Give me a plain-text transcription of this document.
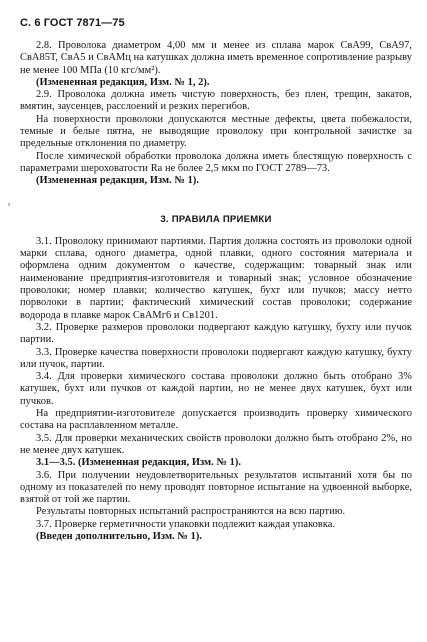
С. 6 ГОСТ 7871—75
‘

2.8. Проволока диаметром 4,00 мм и менее из сплава марок СвА99, СвА97, СвА85Т, СвА5 и СвАМц на катушках должна иметь временное сопротивление разрыву не менее 100 МПа (10 кгс/мм²).

(Измененная редакция, Изм. № 1, 2).

2.9. Проволока должна иметь чистую поверхность, без плен, трещин, закатов, вмятин, заусенцев, расслоений и резких перегибов.

На поверхности проволоки допускаются местные дефекты, цвета побежалости, темные и белые пятна, не выводящие проволоку при контрольной зачистке за предельные отклонения по диаметру.

После химической обработки проволока должна иметь блестящую поверхность с параметрами шероховатости Ra не более 2,5 мкм по ГОСТ 2789—73.

(Измененная редакция, Изм. № 1).

3. ПРАВИЛА ПРИЕМКИ

3.1. Проволоку принимают партиями. Партия должна состоять из проволоки одной марки сплава, одного диаметра, одной плавки, одного состояния материала и оформлена одним документом о качестве, содержащим: товарный знак или наименование предприятия-изготовителя и товарный знак; условное обозначение проволоки; номер плавки; количество катушек, бухт или пучков; массу нетто порволоки в партии; фактический химический состав проволоки; содержание водорода в плавке марок СвАМг6 и Св1201.

3.2. Проверке размеров проволоки подвергают каждую катушку, бухту или пучок партии.

3.3. Проверке качества поверхности проволоки подвергают каждую катушку, бухту или пучок, партии.

3.4. Для проверки химического состава проволоки должно быть отобрано 3% катушек, бухт или пучков от каждой партии, но не менее двух катушек, бухт или пучков.

На предприятии-изготовителе допускается производить проверку химического состава на расплавленном металле.

3.5. Для проверки механических свойств проволоки должно быть отобрано 2%, но не менее двух катушек.

3.1—3.5. (Измененная редакция, Изм. № 1).

3.6. При получении неудовлетворительных результатов испытаний хотя бы по одному из показателей по нему проводят повторное испытание на удвоенной выборке, взятой от той же партии.

Результаты повторных испытаний распространяются на всю партию.

3.7. Проверке герметичности упаковки подлежит каждая упаковка.

(Введен дополнительно, Изм. № 1).
